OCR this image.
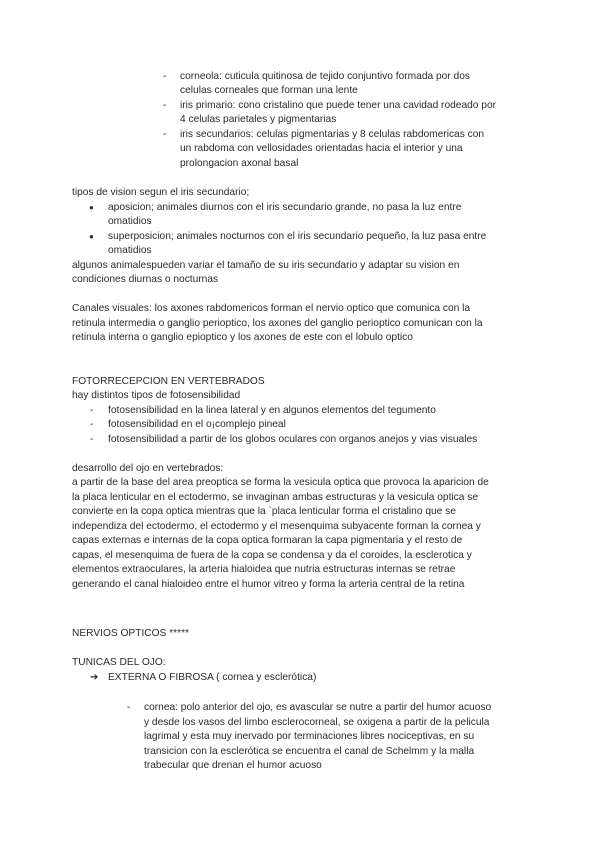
- corneola: cuticula quitinosa de tejido conjuntivo formada por dos
celulas corneales que forman una lente
- iris primario: cono cristalino que puede tener una cavidad rodeado por
4 celulas parietales y pigmentarias
- iris secundarios: celulas pigmentarias y 8 celulas rabdomericas con
un rabdoma con vellosidades orientadas hacia el interior y una
prolongacion axonal basal
tipos de vision segun el iris secundario;
● aposicion; animales diurnos con el iris secundario grande, no pasa la luz entre
omatidios
● superposicion; animales nocturnos con el iris secundario pequeño, la luz pasa entre
omatidios
algunos animalespueden variar el tamaño de su iris secundario y adaptar su vision en
condiciones diurnas o nocturnas
Canales visuales: los axones rabdomericos forman el nervio optico que comunica con la
retinula intermedia o ganglio perioptico, los axones del ganglio perioptico comunican con la
retinula interna o ganglio epioptico y los axones de este con el lobulo optico
FOTORRECEPCION EN VERTEBRADOS
hay distintos tipos de fotosensibilidad
- fotosensibilidad en la linea lateral y en algunos elementos del tegumento
- fotosensibilidad en el o¡complejo pineal
- fotosensibilidad a partir de los globos oculares con organos anejos y vias visuales
desarrollo del ojo en vertebrados:
a partir de la base del area preoptica se forma la vesicula optica que provoca la aparicion de
la placa lenticular en el ectodermo, se invaginan ambas estructuras y la vesicula optica se
convierte en la copa optica mientras que la `placa lenticular forma el cristalino que se
independiza del ectodermo, el ectodermo y el mesenquima subyacente forman la cornea y
capas externas e internas de la copa optica formaran la capa pigmentaria y el resto de
capas, el mesenquima de fuera de la copa se condensa y da el coroides, la esclerotica y
elementos extraoculares, la arteria hialoidea que nutria estructuras internas se retrae
generando el canal hialoideo entre el humor vitreo y forma la arteria central de la retina
NERVIOS OPTICOS *****
TUNICAS DEL OJO:
➔ EXTERNA O FIBROSA ( cornea y esclerótica)
- cornea: polo anterior del ojo, es avascular se nutre a partir del humor acuoso
y desde los vasos del limbo esclerocorneal, se oxigena a partir de la pelicula
lagrimal y esta muy inervado por terminaciones libres nociceptivas, en su
transicion con la esclerótica se encuentra el canal de Schelmm y la malla
trabecular que drenan el humor acuoso
